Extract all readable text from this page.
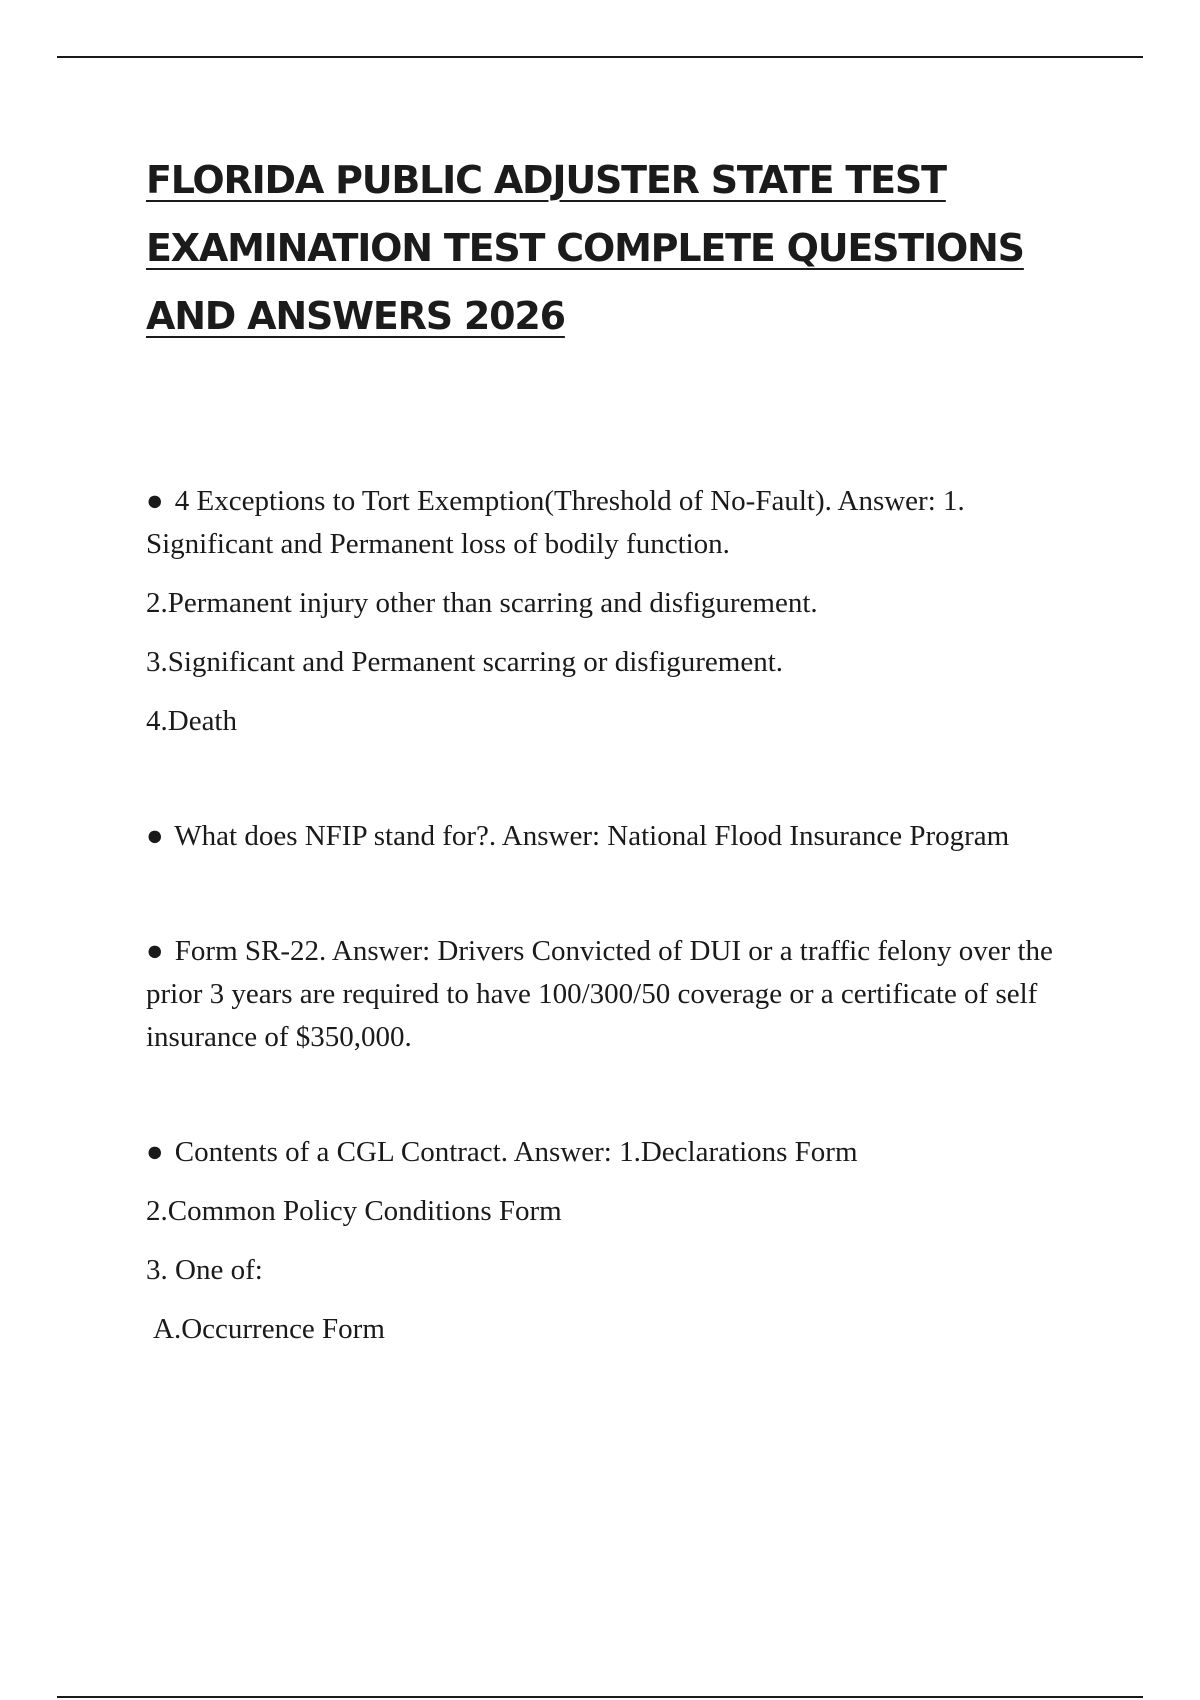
FLORIDA PUBLIC ADJUSTER STATE TEST EXAMINATION TEST COMPLETE QUESTIONS AND ANSWERS 2026

● 4 Exceptions to Tort Exemption(Threshold of No-Fault). Answer: 1. Significant and Permanent loss of bodily function.

2.Permanent injury other than scarring and disfigurement.

3.Significant and Permanent scarring or disfigurement.

4.Death

● What does NFIP stand for?. Answer: National Flood Insurance Program

● Form SR-22. Answer: Drivers Convicted of DUI or a traffic felony over the prior 3 years are required to have 100/300/50 coverage or a certificate of self insurance of $350,000.

● Contents of a CGL Contract. Answer: 1.Declarations Form

2.Common Policy Conditions Form

3. One of:

A.Occurrence Form
